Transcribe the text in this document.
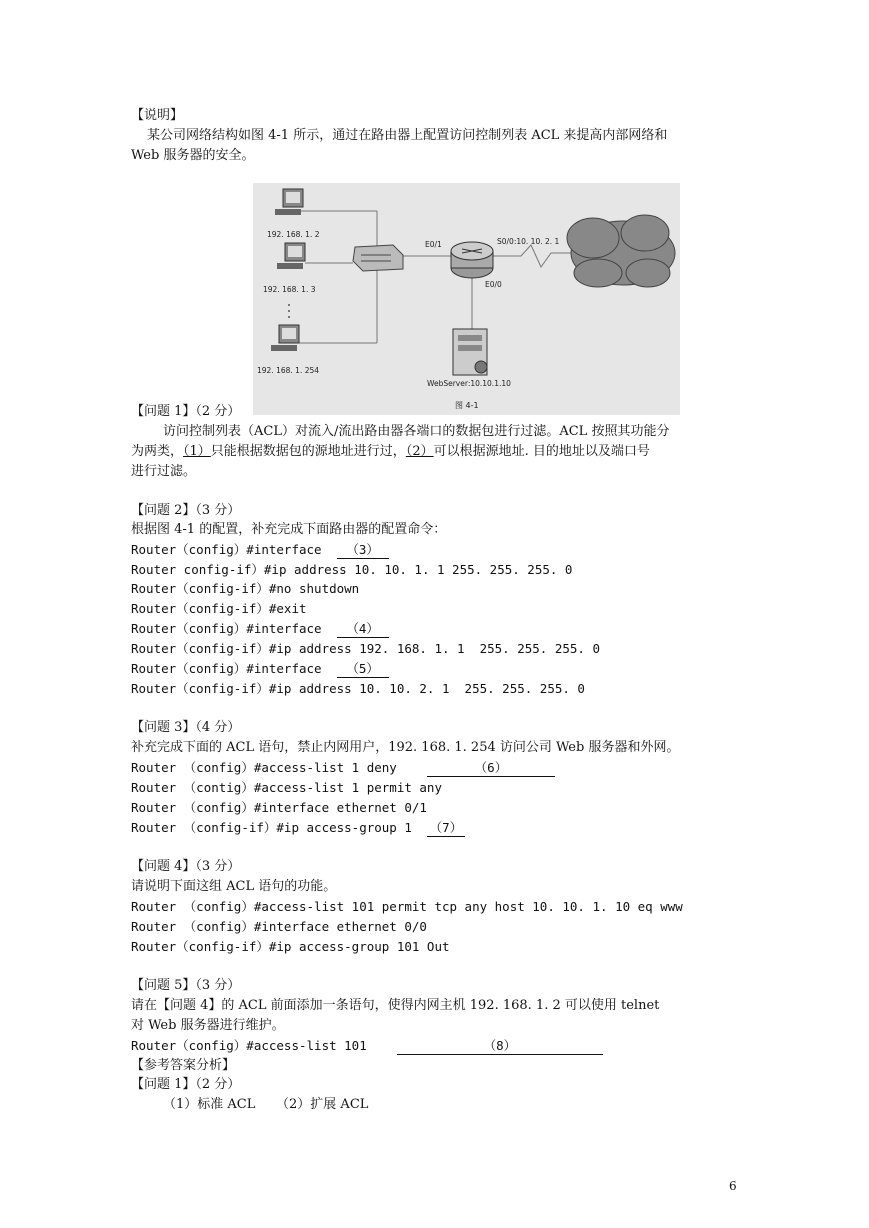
【说明】
某公司网络结构如图 4-1 所示，通过在路由器上配置访问控制列表 ACL 来提高内部网络和
Web 服务器的安全。
192. 168. 1. 2
192. 168. 1. 3
192. 168. 1. 254
E0/1	S0/0:10. 10. 2. 1
E0/0
WebServer:10.10.1.10
图 4-1
【问题 1】（2 分）
访问控制列表（ACL）对流入/流出路由器各端口的数据包进行过滤。ACL 按照其功能分
为两类，（1）只能根据数据包的源地址进行过，（2）可以根据源地址. 目的地址以及端口号
进行过滤。
【问题 2】（3 分）
根据图 4-1 的配置，补充完成下面路由器的配置命令：
Router（config）#interface （3）
Router config-if）#ip address 10. 10. 1. 1 255. 255. 255. 0
Router（config-if）#no shutdown
Router（config-if）#exit
Router（config）#interface （4）
Router（config-if）#ip address 192. 168. 1. 1  255. 255. 255. 0
Router（config）#interface （5）
Router（config-if）#ip address 10. 10. 2. 1  255. 255. 255. 0
【问题 3】（4 分）
补充完成下面的 ACL 语句，禁止内网用户，192. 168. 1. 254 访问公司 Web 服务器和外网。
Router （config）#access-list 1 deny	（6）
Router （contig）#access-list 1 permit any
Router （config）#interface ethernet 0/1
Router （config-if）#ip access-group 1 （7）
【问题 4】（3 分）
请说明下面这组 ACL 语句的功能。
Router （config）#access-list 101 permit tcp any host 10. 10. 1. 10 eq www
Router （config）#interface ethernet 0/0
Router（config-if）#ip access-group 101 Out
【问题 5】（3 分）
请在【问题 4】的 ACL 前面添加一条语句，使得内网主机 192. 168. 1. 2 可以使用 telnet
对 Web 服务器进行维护。
Router（config）#access-list 101	（8）
【参考答案分析】
【问题 1】（2 分）
（1）标准 ACL     （2）扩展 ACL
6
